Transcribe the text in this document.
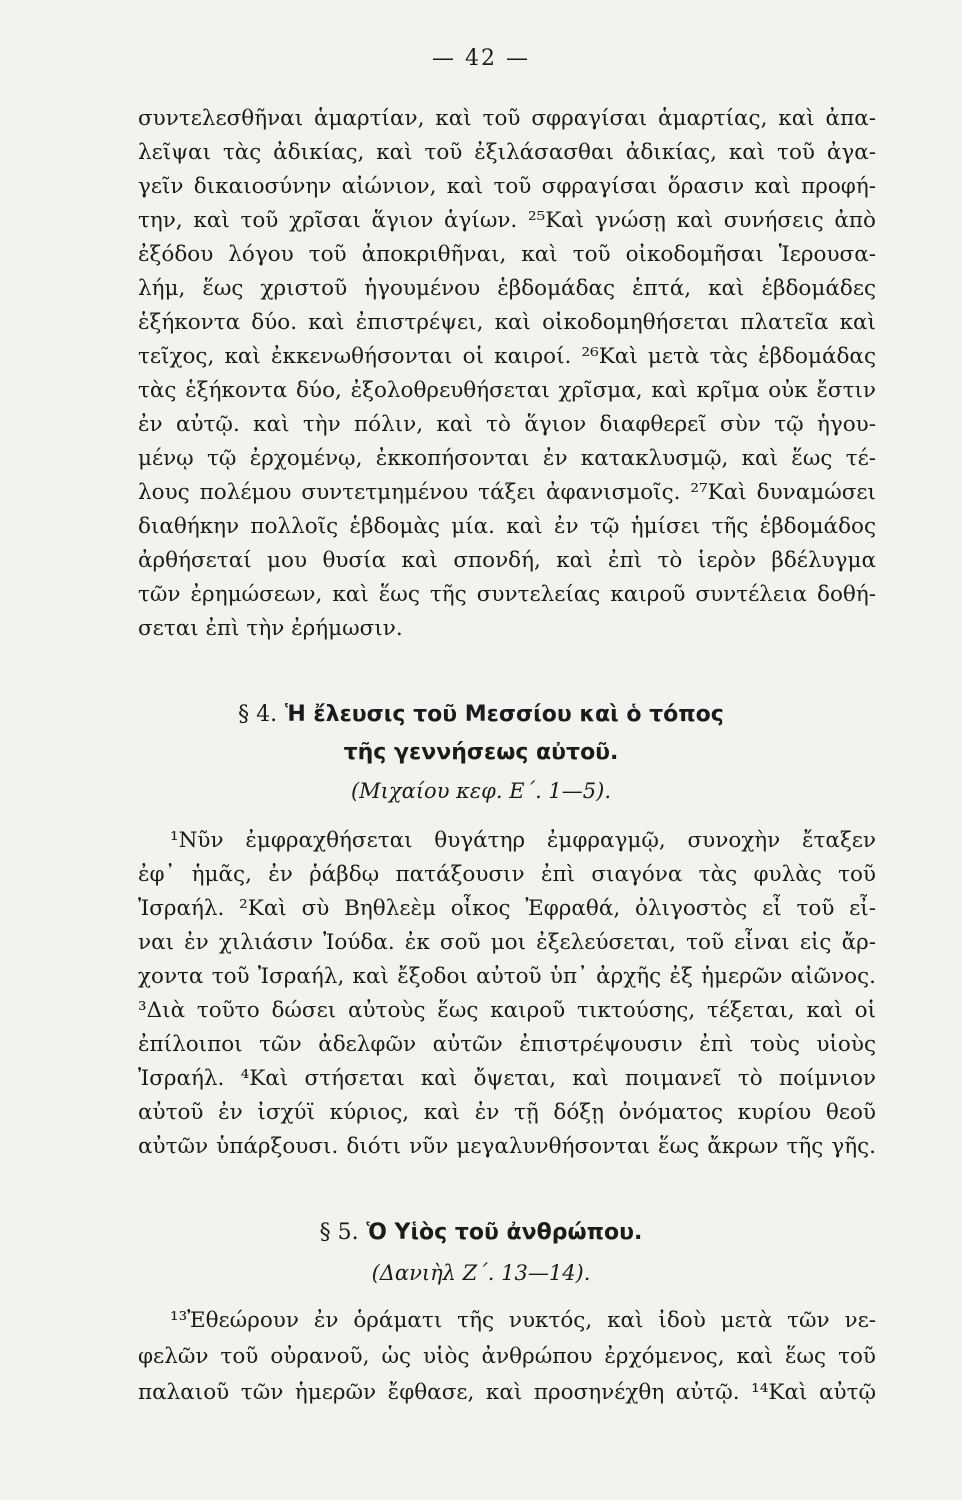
— 42 —
συντελεσθῆναι ἁμαρτίαν, καὶ τοῦ σφραγίσαι ἁμαρτίας, καὶ ἀπα-
λεῖψαι τὰς ἀδικίας, καὶ τοῦ ἐξιλάσασθαι ἀδικίας, καὶ τοῦ ἀγα-
γεῖν δικαιοσύνην αἰώνιον, καὶ τοῦ σφραγίσαι ὅρασιν καὶ προφή-
την, καὶ τοῦ χρῖσαι ἅγιον ἁγίων. ²⁵Καὶ γνώσῃ καὶ συνήσεις ἀπὸ
ἐξόδου λόγου τοῦ ἀποκριθῆναι, καὶ τοῦ οἰκοδομῆσαι Ἱερουσα-
λήμ, ἕως χριστοῦ ἡγουμένου ἑβδομάδας ἑπτά, καὶ ἑβδομάδες
ἑξήκοντα δύο. καὶ ἐπιστρέψει, καὶ οἰκοδομηθήσεται πλατεῖα καὶ
τεῖχος, καὶ ἐκκενωθήσονται οἱ καιροί. ²⁶Καὶ μετὰ τὰς ἑβδομάδας
τὰς ἑξήκοντα δύο, ἐξολοθρευθήσεται χρῖσμα, καὶ κρῖμα οὐκ ἔστιν
ἐν αὐτῷ. καὶ τὴν πόλιν, καὶ τὸ ἅγιον διαφθερεῖ σὺν τῷ ἡγου-
μένῳ τῷ ἐρχομένῳ, ἐκκοπήσονται ἐν κατακλυσμῷ, καὶ ἕως τέ-
λους πολέμου συντετμημένου τάξει ἀφανισμοῖς. ²⁷Καὶ δυναμώσει
διαθήκην πολλοῖς ἑβδομὰς μία. καὶ ἐν τῷ ἡμίσει τῆς ἑβδομάδος
ἀρθήσεταί μου θυσία καὶ σπονδή, καὶ ἐπὶ τὸ ἱερὸν βδέλυγμα
τῶν ἐρημώσεων, καὶ ἕως τῆς συντελείας καιροῦ συντέλεια δοθή-
σεται ἐπὶ τὴν ἐρήμωσιν.
§ 4. Ἡ ἔλευσις τοῦ Μεσσίου καὶ ὁ τόπος
τῆς γεννήσεως αὐτοῦ.
(Μιχαίου κεφ. Ε΄. 1—5).
¹Νῦν ἐμφραχθήσεται θυγάτηρ ἐμφραγμῷ, συνοχὴν ἔταξεν
ἐφ᾽ ἡμᾶς, ἐν ῥάβδῳ πατάξουσιν ἐπὶ σιαγόνα τὰς φυλὰς τοῦ
Ἰσραήλ. ²Καὶ σὺ Βηθλεὲμ οἶκος Ἐφραθά, ὀλιγοστὸς εἶ τοῦ εἶ-
ναι ἐν χιλιάσιν Ἰούδα. ἐκ σοῦ μοι ἐξελεύσεται, τοῦ εἶναι εἰς ἄρ-
χοντα τοῦ Ἰσραήλ, καὶ ἔξοδοι αὐτοῦ ὑπ᾽ ἀρχῆς ἐξ ἡμερῶν αἰῶνος.
³Διὰ τοῦτο δώσει αὐτοὺς ἕως καιροῦ τικτούσης, τέξεται, καὶ οἱ
ἐπίλοιποι τῶν ἀδελφῶν αὐτῶν ἐπιστρέψουσιν ἐπὶ τοὺς υἱοὺς
Ἰσραήλ. ⁴Καὶ στήσεται καὶ ὄψεται, καὶ ποιμανεῖ τὸ ποίμνιον
αὐτοῦ ἐν ἰσχύϊ κύριος, καὶ ἐν τῇ δόξῃ ὀνόματος κυρίου θεοῦ
αὐτῶν ὑπάρξουσι. διότι νῦν μεγαλυνθήσονται ἕως ἄκρων τῆς γῆς.
§ 5. Ὁ Υἱὸς τοῦ ἀνθρώπου.
(Δανιὴλ Ζ΄. 13—14).
¹³Ἐθεώρουν ἐν ὁράματι τῆς νυκτός, καὶ ἰδοὺ μετὰ τῶν νε-
φελῶν τοῦ οὐρανοῦ, ὡς υἱὸς ἀνθρώπου ἐρχόμενος, καὶ ἕως τοῦ
παλαιοῦ τῶν ἡμερῶν ἔφθασε, καὶ προσηνέχθη αὐτῷ. ¹⁴Καὶ αὐτῷ
